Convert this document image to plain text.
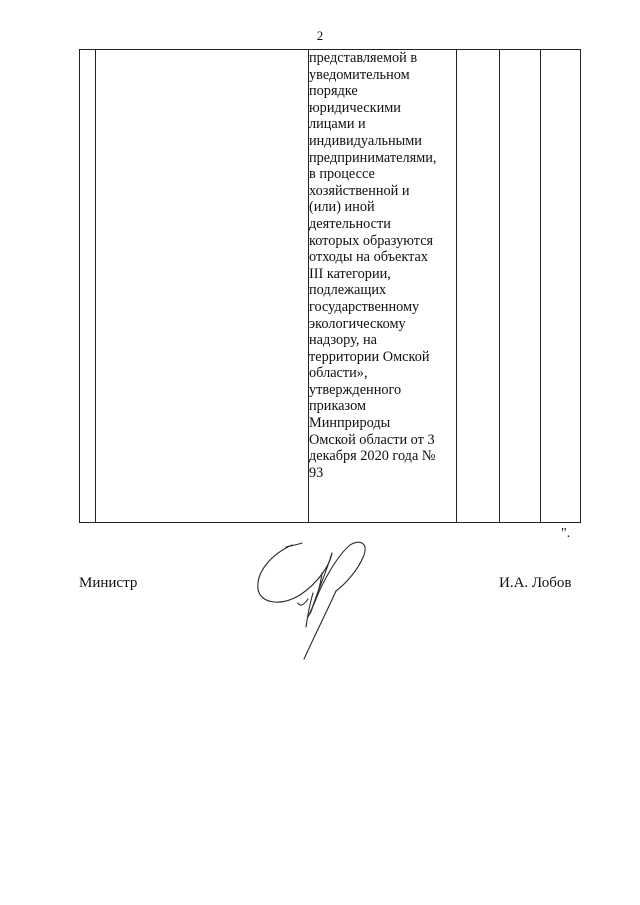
2

представляемой в
уведомительном
порядке
юридическими
лицами и
индивидуальными
предпринимателями,
в процессе
хозяйственной и
(или) иной
деятельности
которых образуются
отходы на объектах
III категории,
подлежащих
государственному
экологическому
надзору, на
территории Омской
области»,
утвержденного
приказом
Минприроды
Омской области от 3
декабря 2020 года №
93

".
Министр	И.А. Лобов
